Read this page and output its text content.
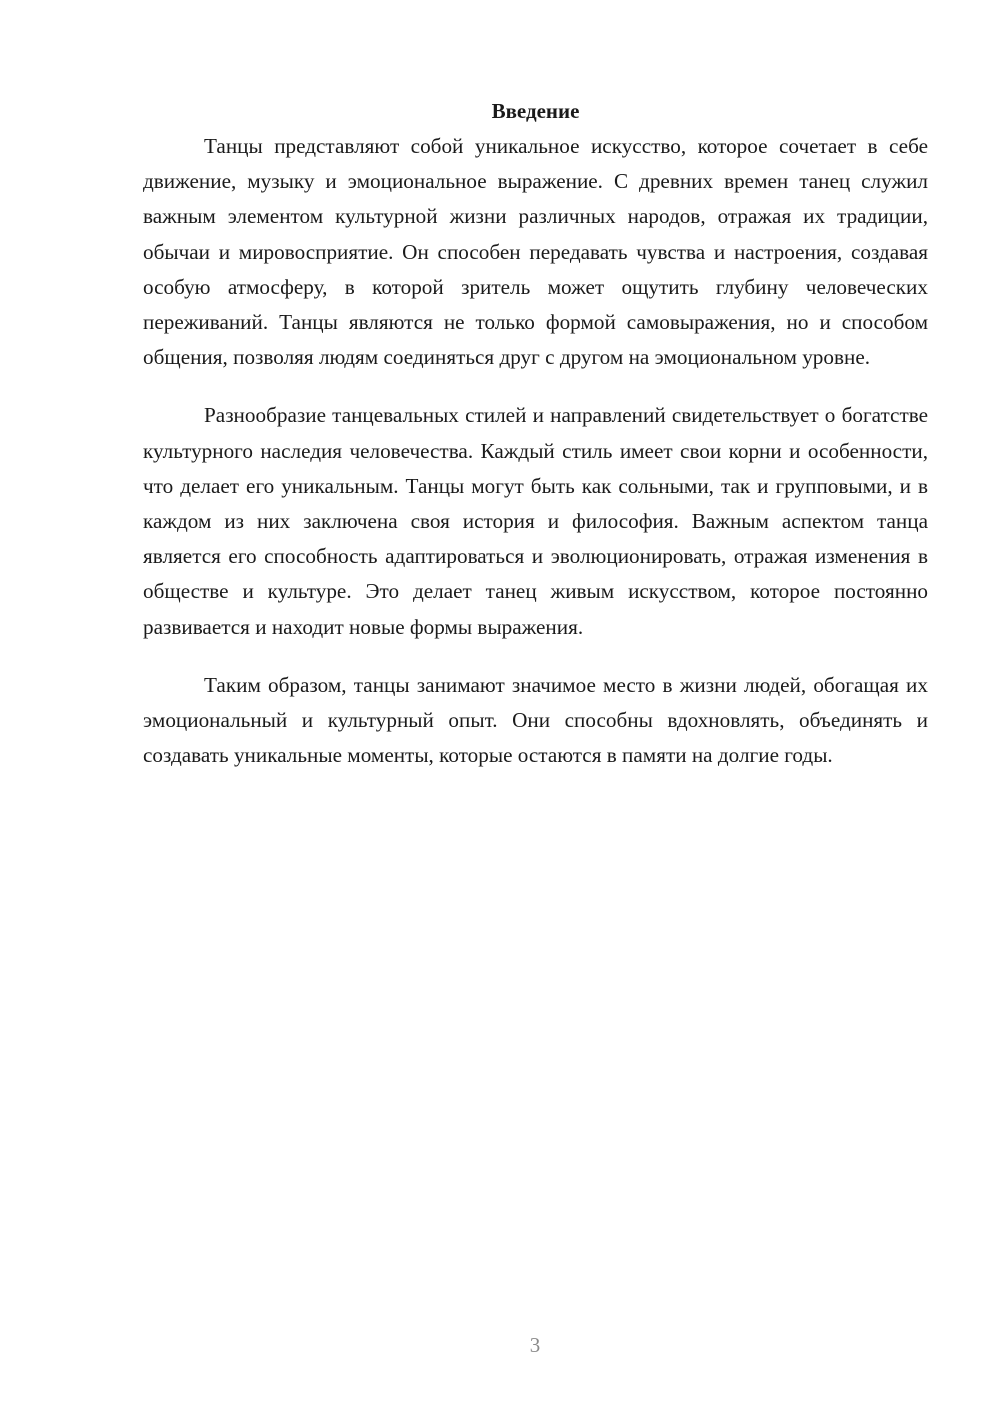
Введение

Танцы представляют собой уникальное искусство, которое сочетает в себе движение, музыку и эмоциональное выражение. С древних времен танец служил важным элементом культурной жизни различных народов, отражая их традиции, обычаи и мировосприятие. Он способен передавать чувства и настроения, создавая особую атмосферу, в которой зритель может ощутить глубину человеческих переживаний. Танцы являются не только формой самовыражения, но и способом общения, позволяя людям соединяться друг с другом на эмоциональном уровне.

Разнообразие танцевальных стилей и направлений свидетельствует о богатстве культурного наследия человечества. Каждый стиль имеет свои корни и особенности, что делает его уникальным. Танцы могут быть как сольными, так и групповыми, и в каждом из них заключена своя история и философия. Важным аспектом танца является его способность адаптироваться и эволюционировать, отражая изменения в обществе и культуре. Это делает танец живым искусством, которое постоянно развивается и находит новые формы выражения.

Таким образом, танцы занимают значимое место в жизни людей, обогащая их эмоциональный и культурный опыт. Они способны вдохновлять, объединять и создавать уникальные моменты, которые остаются в памяти на долгие годы.

3
